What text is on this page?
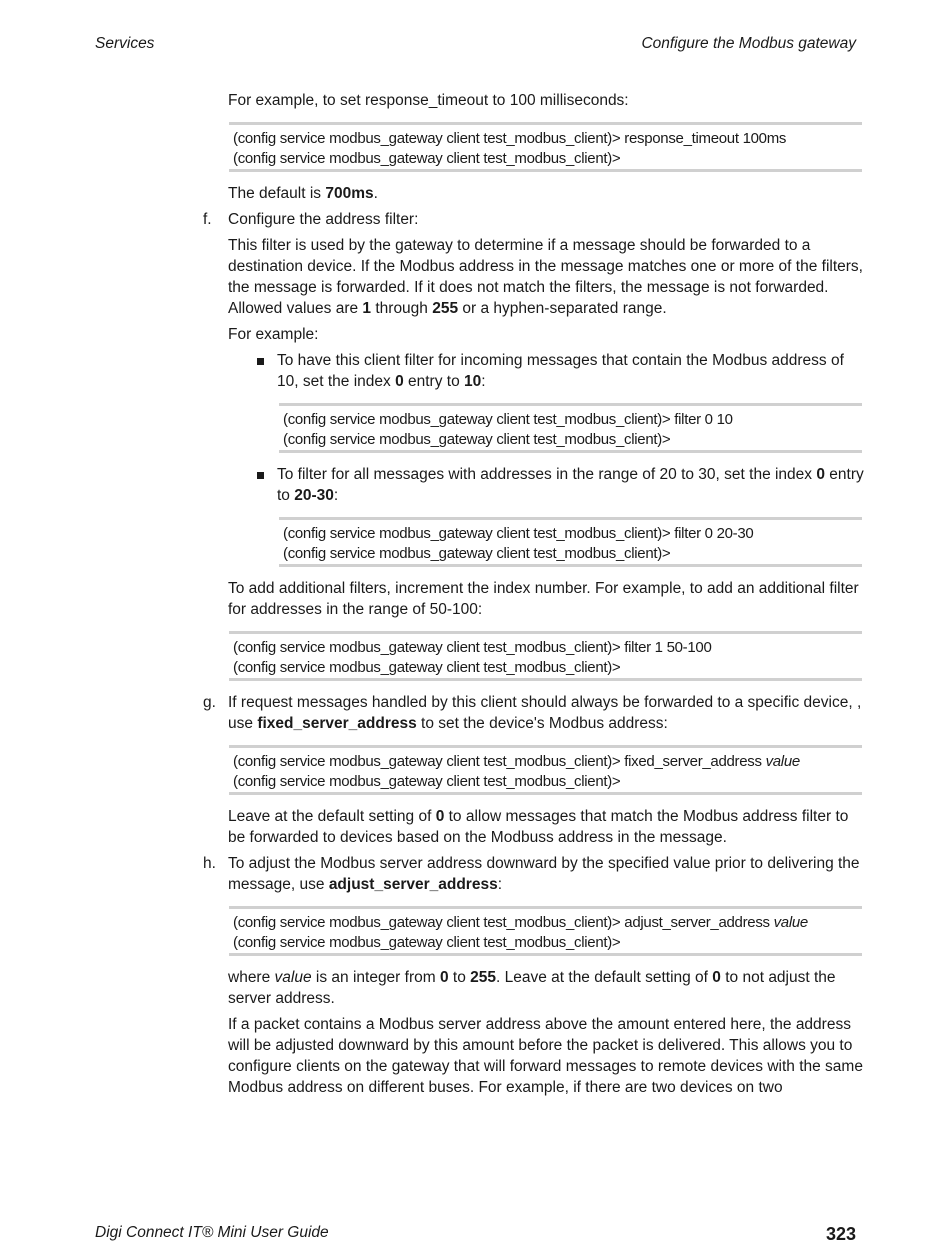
Services	Configure the Modbus gateway
For example, to set response_timeout to 100 milliseconds:
(config service modbus_gateway client test_modbus_client)> response_timeout 100ms
(config service modbus_gateway client test_modbus_client)>
The default is 700ms.
f. Configure the address filter:
This filter is used by the gateway to determine if a message should be forwarded to a destination device. If the Modbus address in the message matches one or more of the filters, the message is forwarded. If it does not match the filters, the message is not forwarded. Allowed values are 1 through 255 or a hyphen-separated range.
For example:
To have this client filter for incoming messages that contain the Modbus address of 10, set the index 0 entry to 10:
(config service modbus_gateway client test_modbus_client)> filter 0 10
(config service modbus_gateway client test_modbus_client)>
To filter for all messages with addresses in the range of 20 to 30, set the index 0 entry to 20-30:
(config service modbus_gateway client test_modbus_client)> filter 0 20-30
(config service modbus_gateway client test_modbus_client)>
To add additional filters, increment the index number. For example, to add an additional filter for addresses in the range of 50-100:
(config service modbus_gateway client test_modbus_client)> filter 1 50-100
(config service modbus_gateway client test_modbus_client)>
g. If request messages handled by this client should always be forwarded to a specific device, , use fixed_server_address to set the device's Modbus address:
(config service modbus_gateway client test_modbus_client)> fixed_server_address value
(config service modbus_gateway client test_modbus_client)>
Leave at the default setting of 0 to allow messages that match the Modbus address filter to be forwarded to devices based on the Modbuss address in the message.
h. To adjust the Modbus server address downward by the specified value prior to delivering the message, use adjust_server_address:
(config service modbus_gateway client test_modbus_client)> adjust_server_address value
(config service modbus_gateway client test_modbus_client)>
where value is an integer from 0 to 255. Leave at the default setting of 0 to not adjust the server address.
If a packet contains a Modbus server address above the amount entered here, the address will be adjusted downward by this amount before the packet is delivered. This allows you to configure clients on the gateway that will forward messages to remote devices with the same Modbus address on different buses. For example, if there are two devices on two
Digi Connect IT® Mini User Guide	323
